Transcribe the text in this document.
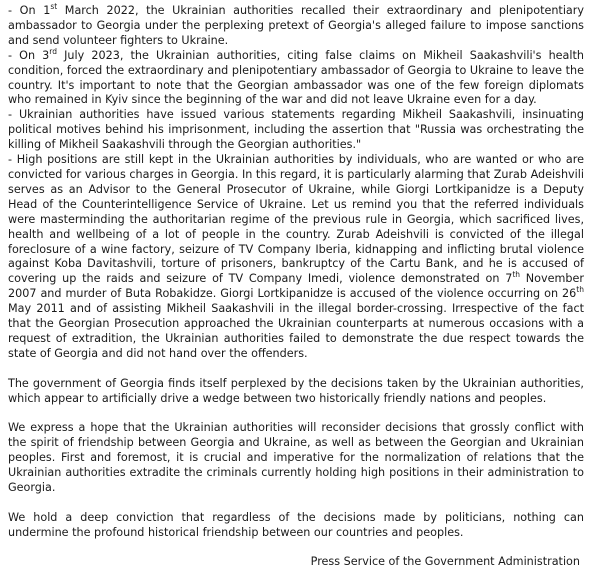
- On 1st March 2022, the Ukrainian authorities recalled their extraordinary and plenipotentiary ambassador to Georgia under the perplexing pretext of Georgia's alleged failure to impose sanctions and send volunteer fighters to Ukraine.

- On 3rd July 2023, the Ukrainian authorities, citing false claims on Mikheil Saakashvili's health condition, forced the extraordinary and plenipotentiary ambassador of Georgia to Ukraine to leave the country. It's important to note that the Georgian ambassador was one of the few foreign diplomats who remained in Kyiv since the beginning of the war and did not leave Ukraine even for a day.

- Ukrainian authorities have issued various statements regarding Mikheil Saakashvili, insinuating political motives behind his imprisonment, including the assertion that "Russia was orchestrating the killing of Mikheil Saakashvili through the Georgian authorities."

- High positions are still kept in the Ukrainian authorities by individuals, who are wanted or who are convicted for various charges in Georgia. In this regard, it is particularly alarming that Zurab Adeishvili serves as an Advisor to the General Prosecutor of Ukraine, while Giorgi Lortkipanidze is a Deputy Head of the Counterintelligence Service of Ukraine. Let us remind you that the referred individuals were masterminding the authoritarian regime of the previous rule in Georgia, which sacrificed lives, health and wellbeing of a lot of people in the country. Zurab Adeishvili is convicted of the illegal foreclosure of a wine factory, seizure of TV Company Iberia, kidnapping and inflicting brutal violence against Koba Davitashvili, torture of prisoners, bankruptcy of the Cartu Bank, and he is accused of covering up the raids and seizure of TV Company Imedi, violence demonstrated on 7th November 2007 and murder of Buta Robakidze. Giorgi Lortkipanidze is accused of the violence occurring on 26th May 2011 and of assisting Mikheil Saakashvili in the illegal border-crossing. Irrespective of the fact that the Georgian Prosecution approached the Ukrainian counterparts at numerous occasions with a request of extradition, the Ukrainian authorities failed to demonstrate the due respect towards the state of Georgia and did not hand over the offenders.

The government of Georgia finds itself perplexed by the decisions taken by the Ukrainian authorities, which appear to artificially drive a wedge between two historically friendly nations and peoples.

We express a hope that the Ukrainian authorities will reconsider decisions that grossly conflict with the spirit of friendship between Georgia and Ukraine, as well as between the Georgian and Ukrainian peoples. First and foremost, it is crucial and imperative for the normalization of relations that the Ukrainian authorities extradite the criminals currently holding high positions in their administration to Georgia.

We hold a deep conviction that regardless of the decisions made by politicians, nothing can undermine the profound historical friendship between our countries and peoples.

Press Service of the Government Administration
